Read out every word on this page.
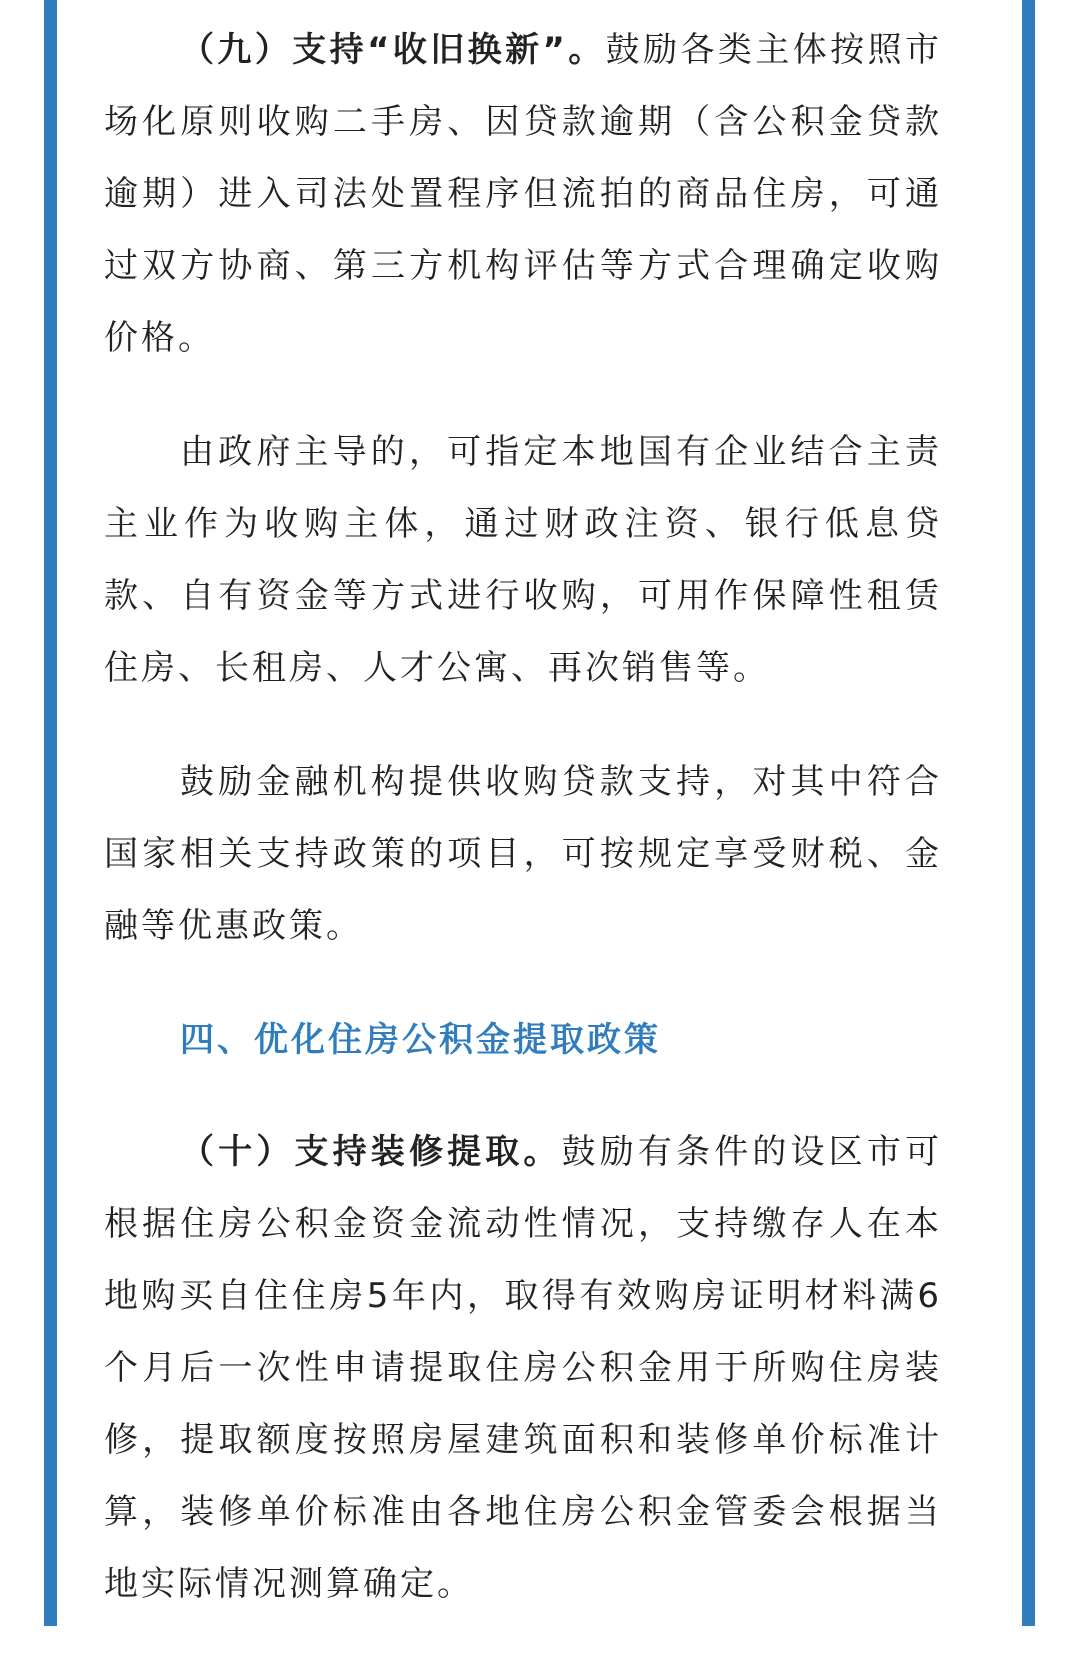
（九）支持“收旧换新”。鼓励各类主体按照市场化原则收购二手房、因贷款逾期（含公积金贷款逾期）进入司法处置程序但流拍的商品住房，可通过双方协商、第三方机构评估等方式合理确定收购价格。

由政府主导的，可指定本地国有企业结合主责主业作为收购主体，通过财政注资、银行低息贷款、自有资金等方式进行收购，可用作保障性租赁住房、长租房、人才公寓、再次销售等。

鼓励金融机构提供收购贷款支持，对其中符合国家相关支持政策的项目，可按规定享受财税、金融等优惠政策。

四、优化住房公积金提取政策

（十）支持装修提取。鼓励有条件的设区市可根据住房公积金资金流动性情况，支持缴存人在本地购买自住住房5年内，取得有效购房证明材料满6个月后一次性申请提取住房公积金用于所购住房装修，提取额度按照房屋建筑面积和装修单价标准计算，装修单价标准由各地住房公积金管委会根据当地实际情况测算确定。
